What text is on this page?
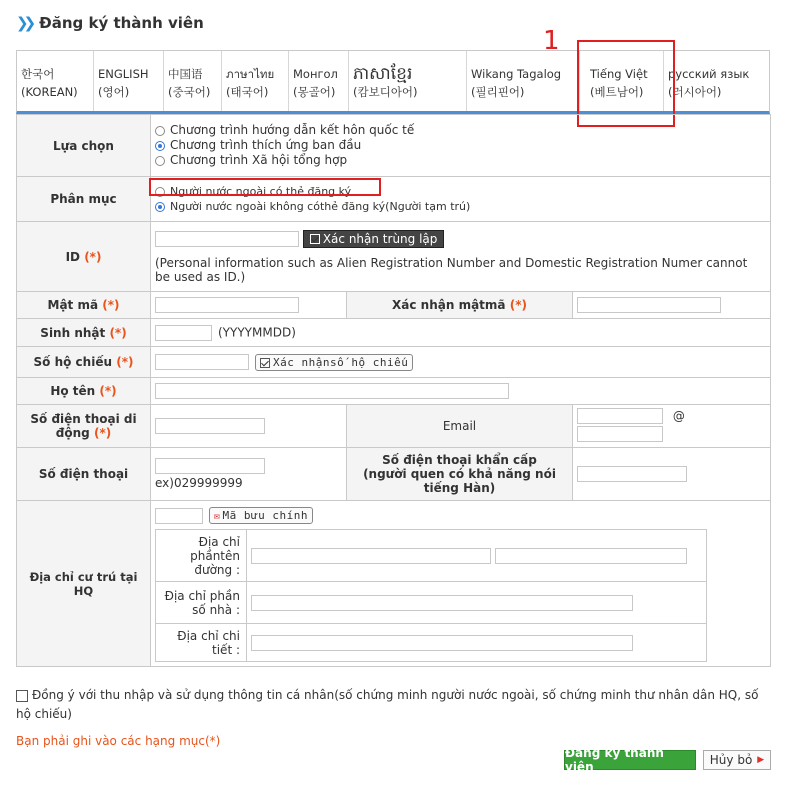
❯❯ Đăng ký thành viên
1
한국어
(KOREAN)
ENGLISH
(영어)
中国语
(중국어)
ภาษาไทย
(태국어)
Монгол
(몽골어)
ភាសាខ្មែរ
(캄보디아어)
Wikang Tagalog
(필리핀어)
Tiếng Việt
(베트남어)
русский язык
(러시아어)
Lựa chọn	
Chương trình hướng dẫn kết hôn quốc tế
Chương trình thích ứng ban đầu
Chương trình Xã hội tổng hợp

Phân mục	
Người nước ngoài có thẻ đăng ký
Người nước ngoài không cóthẻ đăng ký(Người tạm trú)

ID (*)	
Xác nhận trùng lập
(Personal information such as Alien Registration Number and Domestic Registration Numer cannot be used as ID.)

Mật mã (*)		Xác nhận mậtmã (*)	
Sinh nhật (*)	(YYYYMMDD)
Số hộ chiếu (*)	Xác nhậnsố hộ chiếu
Họ tên (*)	
Số điện thoại di
động (*)		Email	@

Số điện thoại	
ex)029999999
	Số điện thoại khẩn cấp (người quen có khả năng nói tiếng Hàn)	
Địa chỉ cư trú tại HQ	
✉ Mã bưu chính
Địa chỉ phầntên đường :	
Địa chỉ phần số nhà :	
Địa chỉ chi tiết :	
Đồng ý với thu nhập và sử dụng thông tin cá nhân(số chứng minh người nước ngoài, số chứng minh thư nhân dân HQ, số hộ chiếu)
Bạn phải ghi vào các hạng mục(*)
Đăng ký thành viên	Hủy bỏ ▶
